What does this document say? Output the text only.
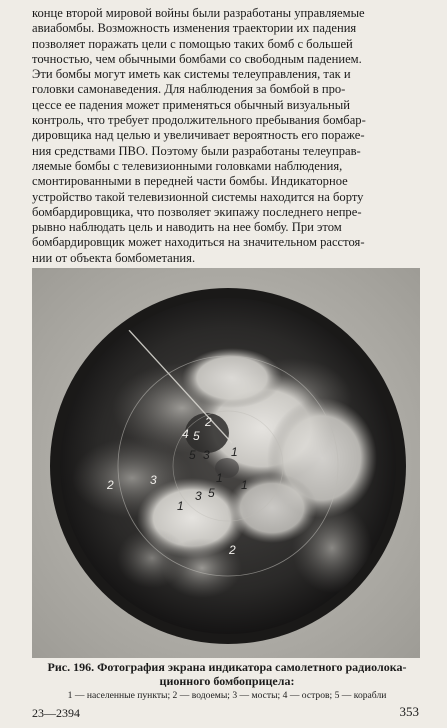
конце второй мировой войны были разработаны управляемые
авиабомбы. Возможность изменения траектории их падения
позволяет поражать цели с помощью таких бомб с большей
точностью, чем обычными бомбами со свободным падением.
Эти бомбы могут иметь как системы телеуправления, так и
головки самонаведения. Для наблюдения за бомбой в про-
цессе ее падения может применяться обычный визуальный
контроль, что требует продолжительного пребывания бомбар-
дировщика над целью и увеличивает вероятность его пораже-
ния средствами ПВО. Поэтому были разработаны телеуправ-
ляемые бомбы с телевизионными головками наблюдения,
смонтированными в передней части бомбы. Индикаторное
устройство такой телевизионной системы находится на борту
бомбардировщика, что позволяет экипажу последнего непре-
рывно наблюдать цель и наводить на нее бомбу. При этом
бомбардировщик может находиться на значительном расстоя-
нии от объекта бомбометания.
4 5
2
5 3 1
2	3
1
3 5
1 1
2
Рис. 196. Фотография экрана индикатора самолетного радиолока-
ционного бомбоприцела:
1 — населенные пункты; 2 — водоемы; 3 — мосты; 4 — остров; 5 — корабли
23—2394	353
